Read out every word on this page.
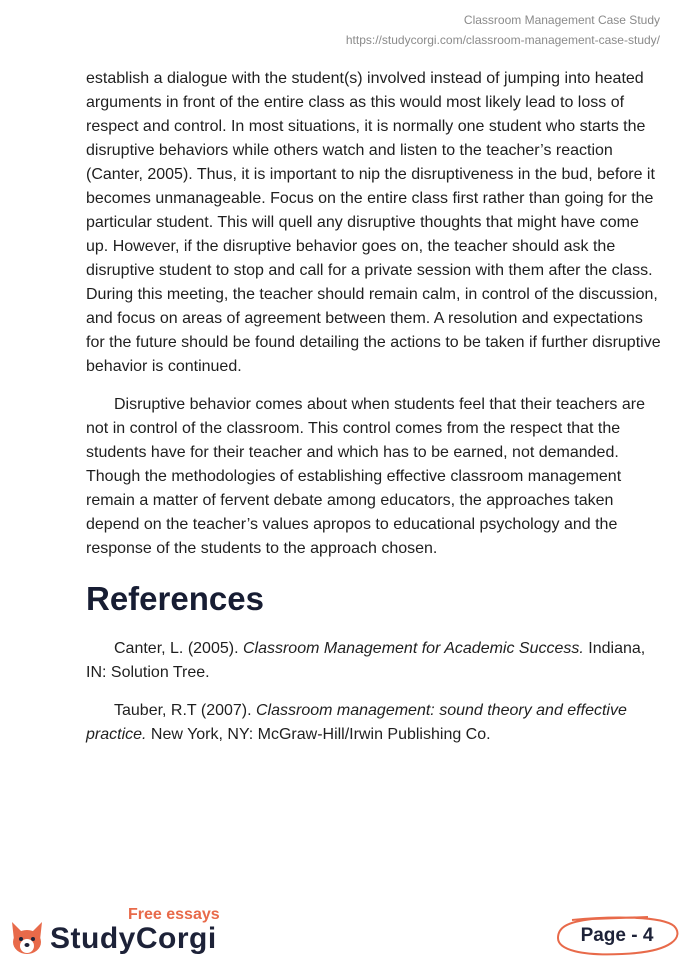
Classroom Management Case Study
https://studycorgi.com/classroom-management-case-study/

establish a dialogue with the student(s) involved instead of jumping into heated arguments in front of the entire class as this would most likely lead to loss of respect and control. In most situations, it is normally one student who starts the disruptive behaviors while others watch and listen to the teacher’s reaction (Canter, 2005). Thus, it is important to nip the disruptiveness in the bud, before it becomes unmanageable. Focus on the entire class first rather than going for the particular student. This will quell any disruptive thoughts that might have come up. However, if the disruptive behavior goes on, the teacher should ask the disruptive student to stop and call for a private session with them after the class. During this meeting, the teacher should remain calm, in control of the discussion, and focus on areas of agreement between them. A resolution and expectations for the future should be found detailing the actions to be taken if further disruptive behavior is continued.

Disruptive behavior comes about when students feel that their teachers are not in control of the classroom. This control comes from the respect that the students have for their teacher and which has to be earned, not demanded. Though the methodologies of establishing effective classroom management remain a matter of fervent debate among educators, the approaches taken depend on the teacher’s values apropos to educational psychology and the response of the students to the approach chosen.

References

Canter, L. (2005). Classroom Management for Academic Success. Indiana, IN: Solution Tree.

Tauber, R.T (2007). Classroom management: sound theory and effective practice. New York, NY: McGraw-Hill/Irwin Publishing Co.

Free essays
StudyCorgi	Page - 4
